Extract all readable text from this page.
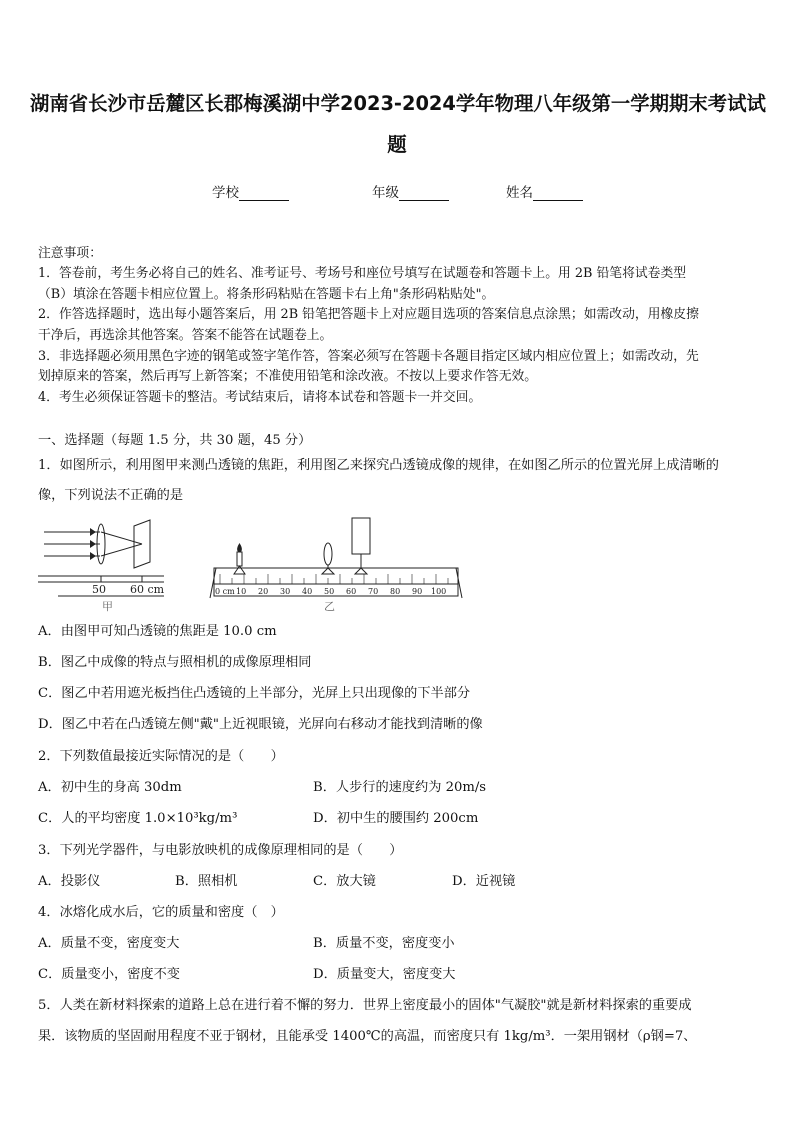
湖南省长沙市岳麓区长郡梅溪湖中学2023-2024学年物理八年级第一学期期末考试试
题
学校	年级	姓名
注意事项：
1．答卷前，考生务必将自己的姓名、准考证号、考场号和座位号填写在试题卷和答题卡上。用 2B 铅笔将试卷类型
（B）填涂在答题卡相应位置上。将条形码粘贴在答题卡右上角"条形码粘贴处"。
2．作答选择题时，选出每小题答案后，用 2B 铅笔把答题卡上对应题目选项的答案信息点涂黑；如需改动，用橡皮擦
干净后，再选涂其他答案。答案不能答在试题卷上。
3．非选择题必须用黑色字迹的钢笔或签字笔作答，答案必须写在答题卡各题目指定区域内相应位置上；如需改动，先
划掉原来的答案，然后再写上新答案；不准使用铅笔和涂改液。不按以上要求作答无效。
4．考生必须保证答题卡的整洁。考试结束后，请将本试卷和答题卡一并交回。
一、选择题（每题 1.5 分，共 30 题，45 分）
1．如图所示，利用图甲来测凸透镜的焦距，利用图乙来探究凸透镜成像的规律，在如图乙所示的位置光屏上成清晰的
像，下列说法不正确的是
50 60 cm
甲
0 cm 10 20 30 40 50 60 70 80 90 100
乙
A．由图甲可知凸透镜的焦距是 10.0 cm
B．图乙中成像的特点与照相机的成像原理相同
C．图乙中若用遮光板挡住凸透镜的上半部分，光屏上只出现像的下半部分
D．图乙中若在凸透镜左侧"戴"上近视眼镜，光屏向右移动才能找到清晰的像
2．下列数值最接近实际情况的是（　　）
A．初中生的身高 30dm	B．人步行的速度约为 20m/s
C．人的平均密度 1.0×10³kg/m³	D．初中生的腰围约 200cm
3．下列光学器件，与电影放映机的成像原理相同的是（　　）
A．投影仪	B．照相机	C．放大镜	D．近视镜
4．冰熔化成水后，它的质量和密度（　）
A．质量不变，密度变大	B．质量不变，密度变小
C．质量变小，密度不变	D．质量变大，密度变大
5．人类在新材料探索的道路上总在进行着不懈的努力．世界上密度最小的固体"气凝胶"就是新材料探索的重要成
果．该物质的坚固耐用程度不亚于钢材，且能承受 1400℃的高温，而密度只有 1kg/m³．一架用钢材（ρ钢=7、
